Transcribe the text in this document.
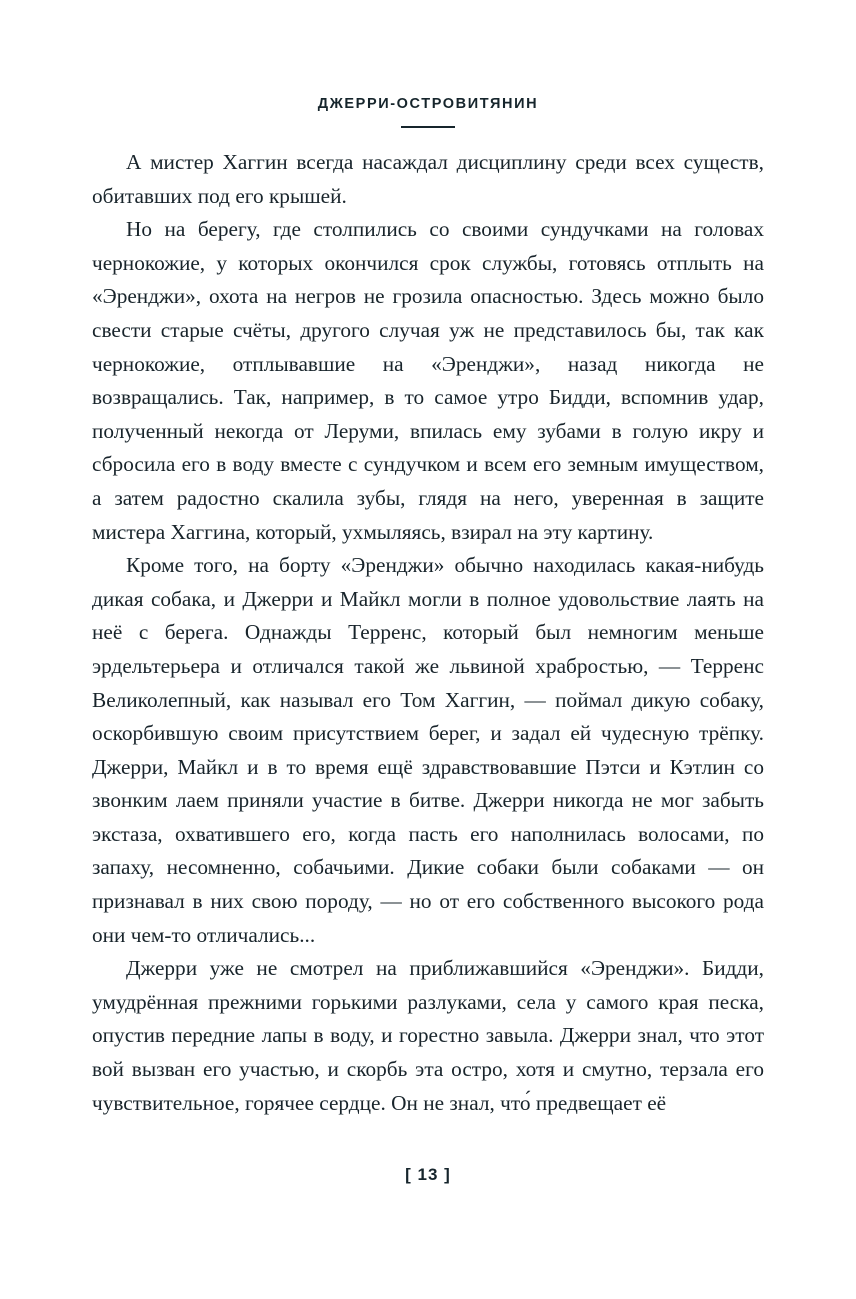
ДЖЕРРИ-ОСТРОВИТЯНИН

А мистер Хаггин всегда насаждал дисциплину среди всех существ, обитавших под его крышей.

Но на берегу, где столпились со своими сундучками на головах чернокожие, у которых окончился срок службы, готовясь отплыть на «Эренджи», охота на негров не грозила опасностью. Здесь можно было свести старые счёты, другого случая уж не представилось бы, так как чернокожие, отплывавшие на «Эренджи», назад никогда не возвращались. Так, например, в то самое утро Бидди, вспомнив удар, полученный некогда от Леруми, впилась ему зубами в голую икру и сбросила его в воду вместе с сундучком и всем его земным имуществом, а затем радостно скалила зубы, глядя на него, уверенная в защите мистера Хаггина, который, ухмыляясь, взирал на эту картину.

Кроме того, на борту «Эренджи» обычно находилась какая-нибудь дикая собака, и Джерри и Майкл могли в полное удовольствие лаять на неё с берега. Однажды Терренс, который был немногим меньше эрдельтерьера и отличался такой же львиной храбростью, — Терренс Великолепный, как называл его Том Хаггин, — поймал дикую собаку, оскорбившую своим присутствием берег, и задал ей чудесную трёпку. Джерри, Майкл и в то время ещё здравствовавшие Пэтси и Кэтлин со звонким лаем приняли участие в битве. Джерри никогда не мог забыть экстаза, охватившего его, когда пасть его наполнилась волосами, по запаху, несомненно, собачьими. Дикие собаки были собаками — он признавал в них свою породу, — но от его собственного высокого рода они чем-то отличались...

Джерри уже не смотрел на приближавшийся «Эренджи». Бидди, умудрённая прежними горькими разлуками, села у самого края песка, опустив передние лапы в воду, и горестно завыла. Джерри знал, что этот вой вызван его участью, и скорбь эта остро, хотя и смутно, терзала его чувствительное, горячее сердце. Он не знал, что́ предвещает её

[ 13 ]
